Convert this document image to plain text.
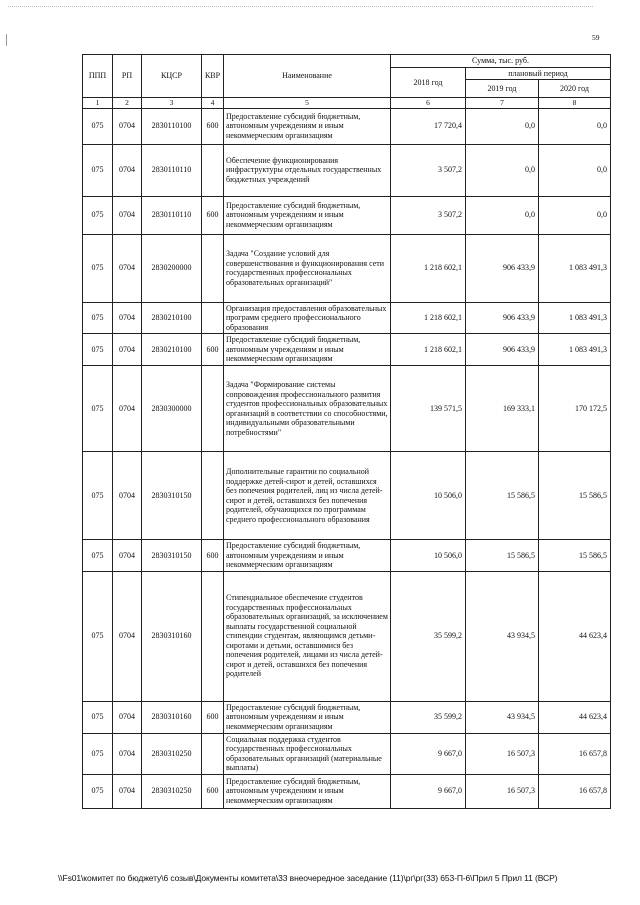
59
ППП	РП	КЦСР	КВР	Наименование	Сумма, тыс. руб.		
					2018 год	плановый период	
						2019 год	2020 год
1	2	3	4	5	6	7	8
075	0704	2830110100	600	Предоставление субсидий бюджетным, автономным учреждениям и иным некоммерческим организациям	17 720,4	0,0	0,0
075	0704	2830110110		Обеспечение функционирования инфраструктуры отдельных государственных бюджетных учреждений	3 507,2	0,0	0,0
075	0704	2830110110	600	Предоставление субсидий бюджетным, автономным учреждениям и иным некоммерческим организациям	3 507,2	0,0	0,0
075	0704	2830200000		Задача "Создание условий для совершенствования и функционирования сети государственных профессиональных образовательных организаций"	1 218 602,1	906 433,9	1 083 491,3
075	0704	2830210100		Организация предоставления образовательных программ среднего профессионального образования	1 218 602,1	906 433,9	1 083 491,3
075	0704	2830210100	600	Предоставление субсидий бюджетным, автономным учреждениям и иным некоммерческим организациям	1 218 602,1	906 433,9	1 083 491,3
075	0704	2830300000		Задача "Формирование системы сопровождения профессионального развития студентов профессиональных образовательных организаций в соответствии со способностями, индивидуальными образовательными потребностями"	139 571,5	169 333,1	170 172,5
075	0704	2830310150		Дополнительные гарантии по социальной поддержке детей-сирот и детей, оставшихся без попечения родителей, лиц из числа детей-сирот и детей, оставшихся без попечения родителей, обучающихся по программам среднего профессионального образования	10 506,0	15 586,5	15 586,5
075	0704	2830310150	600	Предоставление субсидий бюджетным, автономным учреждениям и иным некоммерческим организациям	10 506,0	15 586,5	15 586,5
075	0704	2830310160		Стипендиальное обеспечение студентов государственных профессиональных образовательных организаций, за исключением выплаты государственной социальной стипендии студентам, являющимся детьми-сиротами и детьми, оставшимися без попечения родителей, лицами из числа детей-сирот и детей, оставшихся без попечения родителей	35 599,2	43 934,5	44 623,4
075	0704	2830310160	600	Предоставление субсидий бюджетным, автономным учреждениям и иным некоммерческим организациям	35 599,2	43 934,5	44 623,4
075	0704	2830310250		Социальная поддержка студентов государственных профессиональных образовательных организаций (материальные выплаты)	9 667,0	16 507,3	16 657,8
075	0704	2830310250	600	Предоставление субсидий бюджетным, автономным учреждениям и иным некоммерческим организациям	9 667,0	16 507,3	16 657,8
\\Fs01\комитет по бюджету\6 созыв\Документы комитета\33 внеочередное заседание (11)\рг\рг(33) 653-П-6\Прил 5 Прил 11 (ВСР)
